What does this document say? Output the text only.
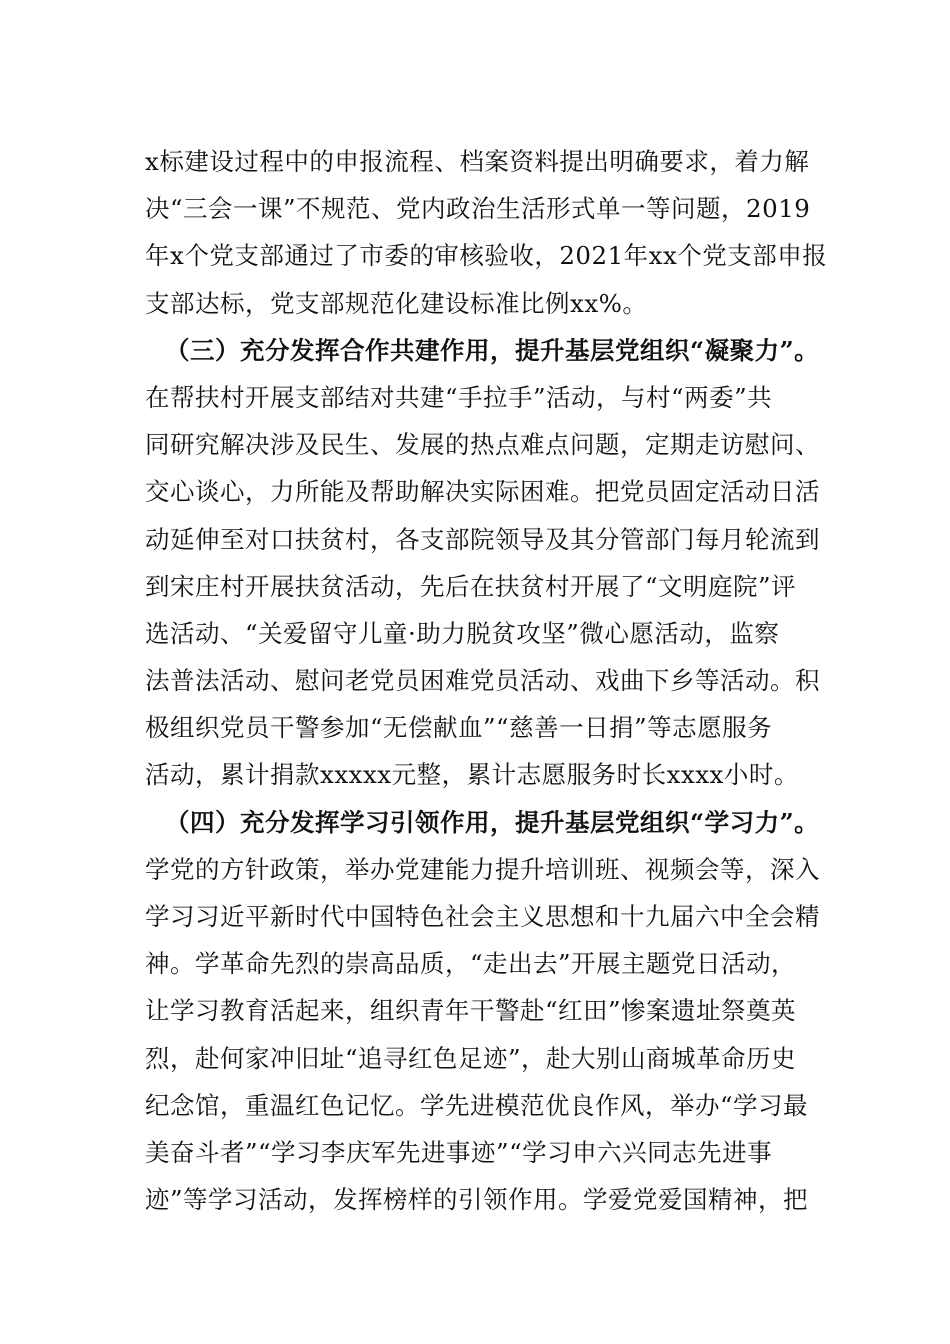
x标建设过程中的申报流程、档案资料提出明确要求，着力解
决“三会一课”不规范、党内政治生活形式单一等问题，2019
年x个党支部通过了市委的审核验收，2021年xx个党支部申报
支部达标，党支部规范化建设标准比例xx%。
（三）充分发挥合作共建作用，提升基层党组织“凝聚力”。
在帮扶村开展支部结对共建“手拉手”活动，与村“两委”共
同研究解决涉及民生、发展的热点难点问题，定期走访慰问、
交心谈心，力所能及帮助解决实际困难。把党员固定活动日活
动延伸至对口扶贫村，各支部院领导及其分管部门每月轮流到
到宋庄村开展扶贫活动，先后在扶贫村开展了“文明庭院”评
选活动、“关爱留守儿童·助力脱贫攻坚”微心愿活动，监察
法普法活动、慰问老党员困难党员活动、戏曲下乡等活动。积
极组织党员干警参加“无偿献血”“慈善一日捐”等志愿服务
活动，累计捐款xxxxx元整，累计志愿服务时长xxxx小时。
（四）充分发挥学习引领作用，提升基层党组织“学习力”。
学党的方针政策，举办党建能力提升培训班、视频会等，深入
学习习近平新时代中国特色社会主义思想和十九届六中全会精
神。学革命先烈的崇高品质，“走出去”开展主题党日活动，
让学习教育活起来，组织青年干警赴“红田”惨案遗址祭奠英
烈，赴何家冲旧址“追寻红色足迹”，赴大别山商城革命历史
纪念馆，重温红色记忆。学先进模范优良作风，举办“学习最
美奋斗者”“学习李庆军先进事迹”“学习申六兴同志先进事
迹”等学习活动，发挥榜样的引领作用。学爱党爱国精神，把
